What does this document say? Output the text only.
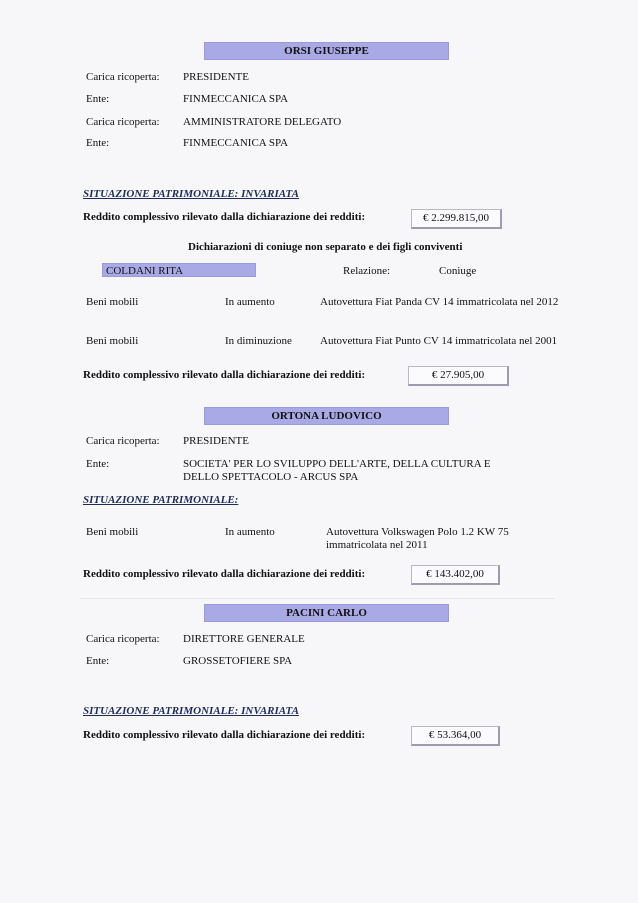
ORSI GIUSEPPE
Carica ricoperta: PRESIDENTE
Ente:	FINMECCANICA SPA
Carica ricoperta: AMMINISTRATORE DELEGATO
Ente:	FINMECCANICA SPA
SITUAZIONE PATRIMONIALE: INVARIATA
Reddito complessivo rilevato dalla dichiarazione dei redditi:	€ 2.299.815,00
Dichiarazioni di coniuge non separato e dei figli conviventi
COLDANI RITA	Relazione:	Coniuge
Beni mobili	In aumento	Autovettura Fiat Panda CV 14 immatricolata nel 2012
Beni mobili	In diminuzione	Autovettura Fiat Punto CV 14 immatricolata nel 2001
Reddito complessivo rilevato dalla dichiarazione dei redditi:	€ 27.905,00
ORTONA LUDOVICO
Carica ricoperta: PRESIDENTE
Ente:	SOCIETA' PER LO SVILUPPO DELL'ARTE, DELLA CULTURA E DELLO SPETTACOLO - ARCUS SPA
SITUAZIONE PATRIMONIALE:
Beni mobili	In aumento	Autovettura Volkswagen Polo 1.2 KW 75 immatricolata nel 2011
Reddito complessivo rilevato dalla dichiarazione dei redditi:	€ 143.402,00
PACINI CARLO
Carica ricoperta: DIRETTORE GENERALE
Ente:	GROSSETOFIERE SPA
SITUAZIONE PATRIMONIALE: INVARIATA
Reddito complessivo rilevato dalla dichiarazione dei redditi:	€ 53.364,00
